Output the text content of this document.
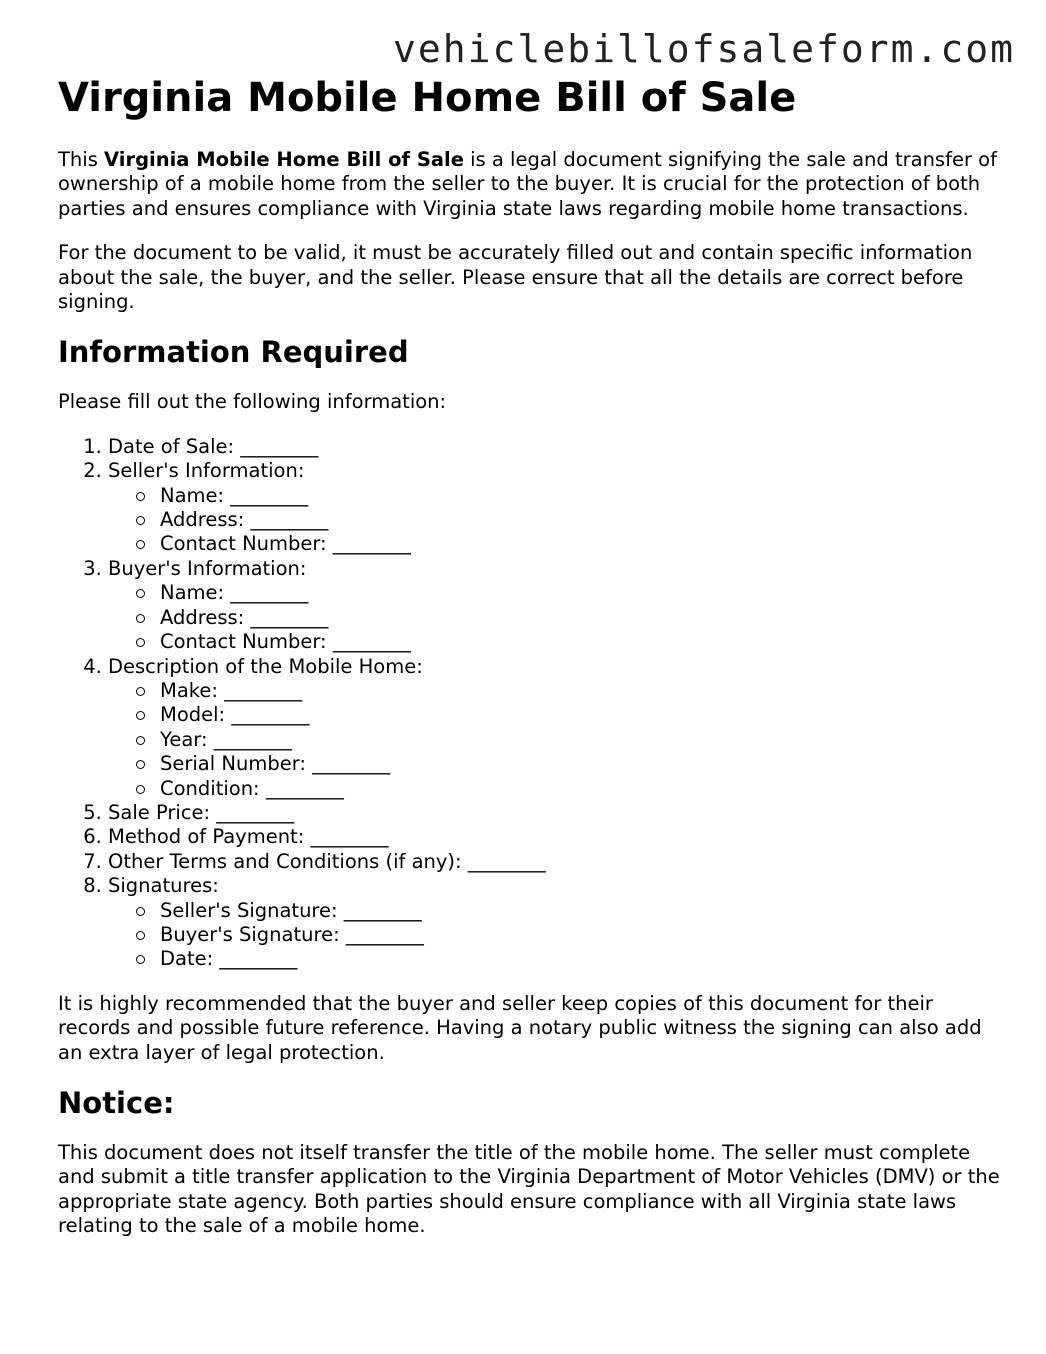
vehiclebillofsaleform.com
Virginia Mobile Home Bill of Sale

This Virginia Mobile Home Bill of Sale is a legal document signifying the sale and transfer of ownership of a mobile home from the seller to the buyer. It is crucial for the protection of both parties and ensures compliance with Virginia state laws regarding mobile home transactions.

For the document to be valid, it must be accurately filled out and contain specific information about the sale, the buyer, and the seller. Please ensure that all the details are correct before signing.

Information Required

Please fill out the following information:

1. Date of Sale: ________
2. Seller's Information:
Name: ________
Address: ________
Contact Number: ________
3. Buyer's Information:
Name: ________
Address: ________
Contact Number: ________
4. Description of the Mobile Home:
Make: ________
Model: ________
Year: ________
Serial Number: ________
Condition: ________
5. Sale Price: ________
6. Method of Payment: ________
7. Other Terms and Conditions (if any): ________
8. Signatures:
Seller's Signature: ________
Buyer's Signature: ________
Date: ________

It is highly recommended that the buyer and seller keep copies of this document for their records and possible future reference. Having a notary public witness the signing can also add an extra layer of legal protection.

Notice:

This document does not itself transfer the title of the mobile home. The seller must complete and submit a title transfer application to the Virginia Department of Motor Vehicles (DMV) or the appropriate state agency. Both parties should ensure compliance with all Virginia state laws relating to the sale of a mobile home.
